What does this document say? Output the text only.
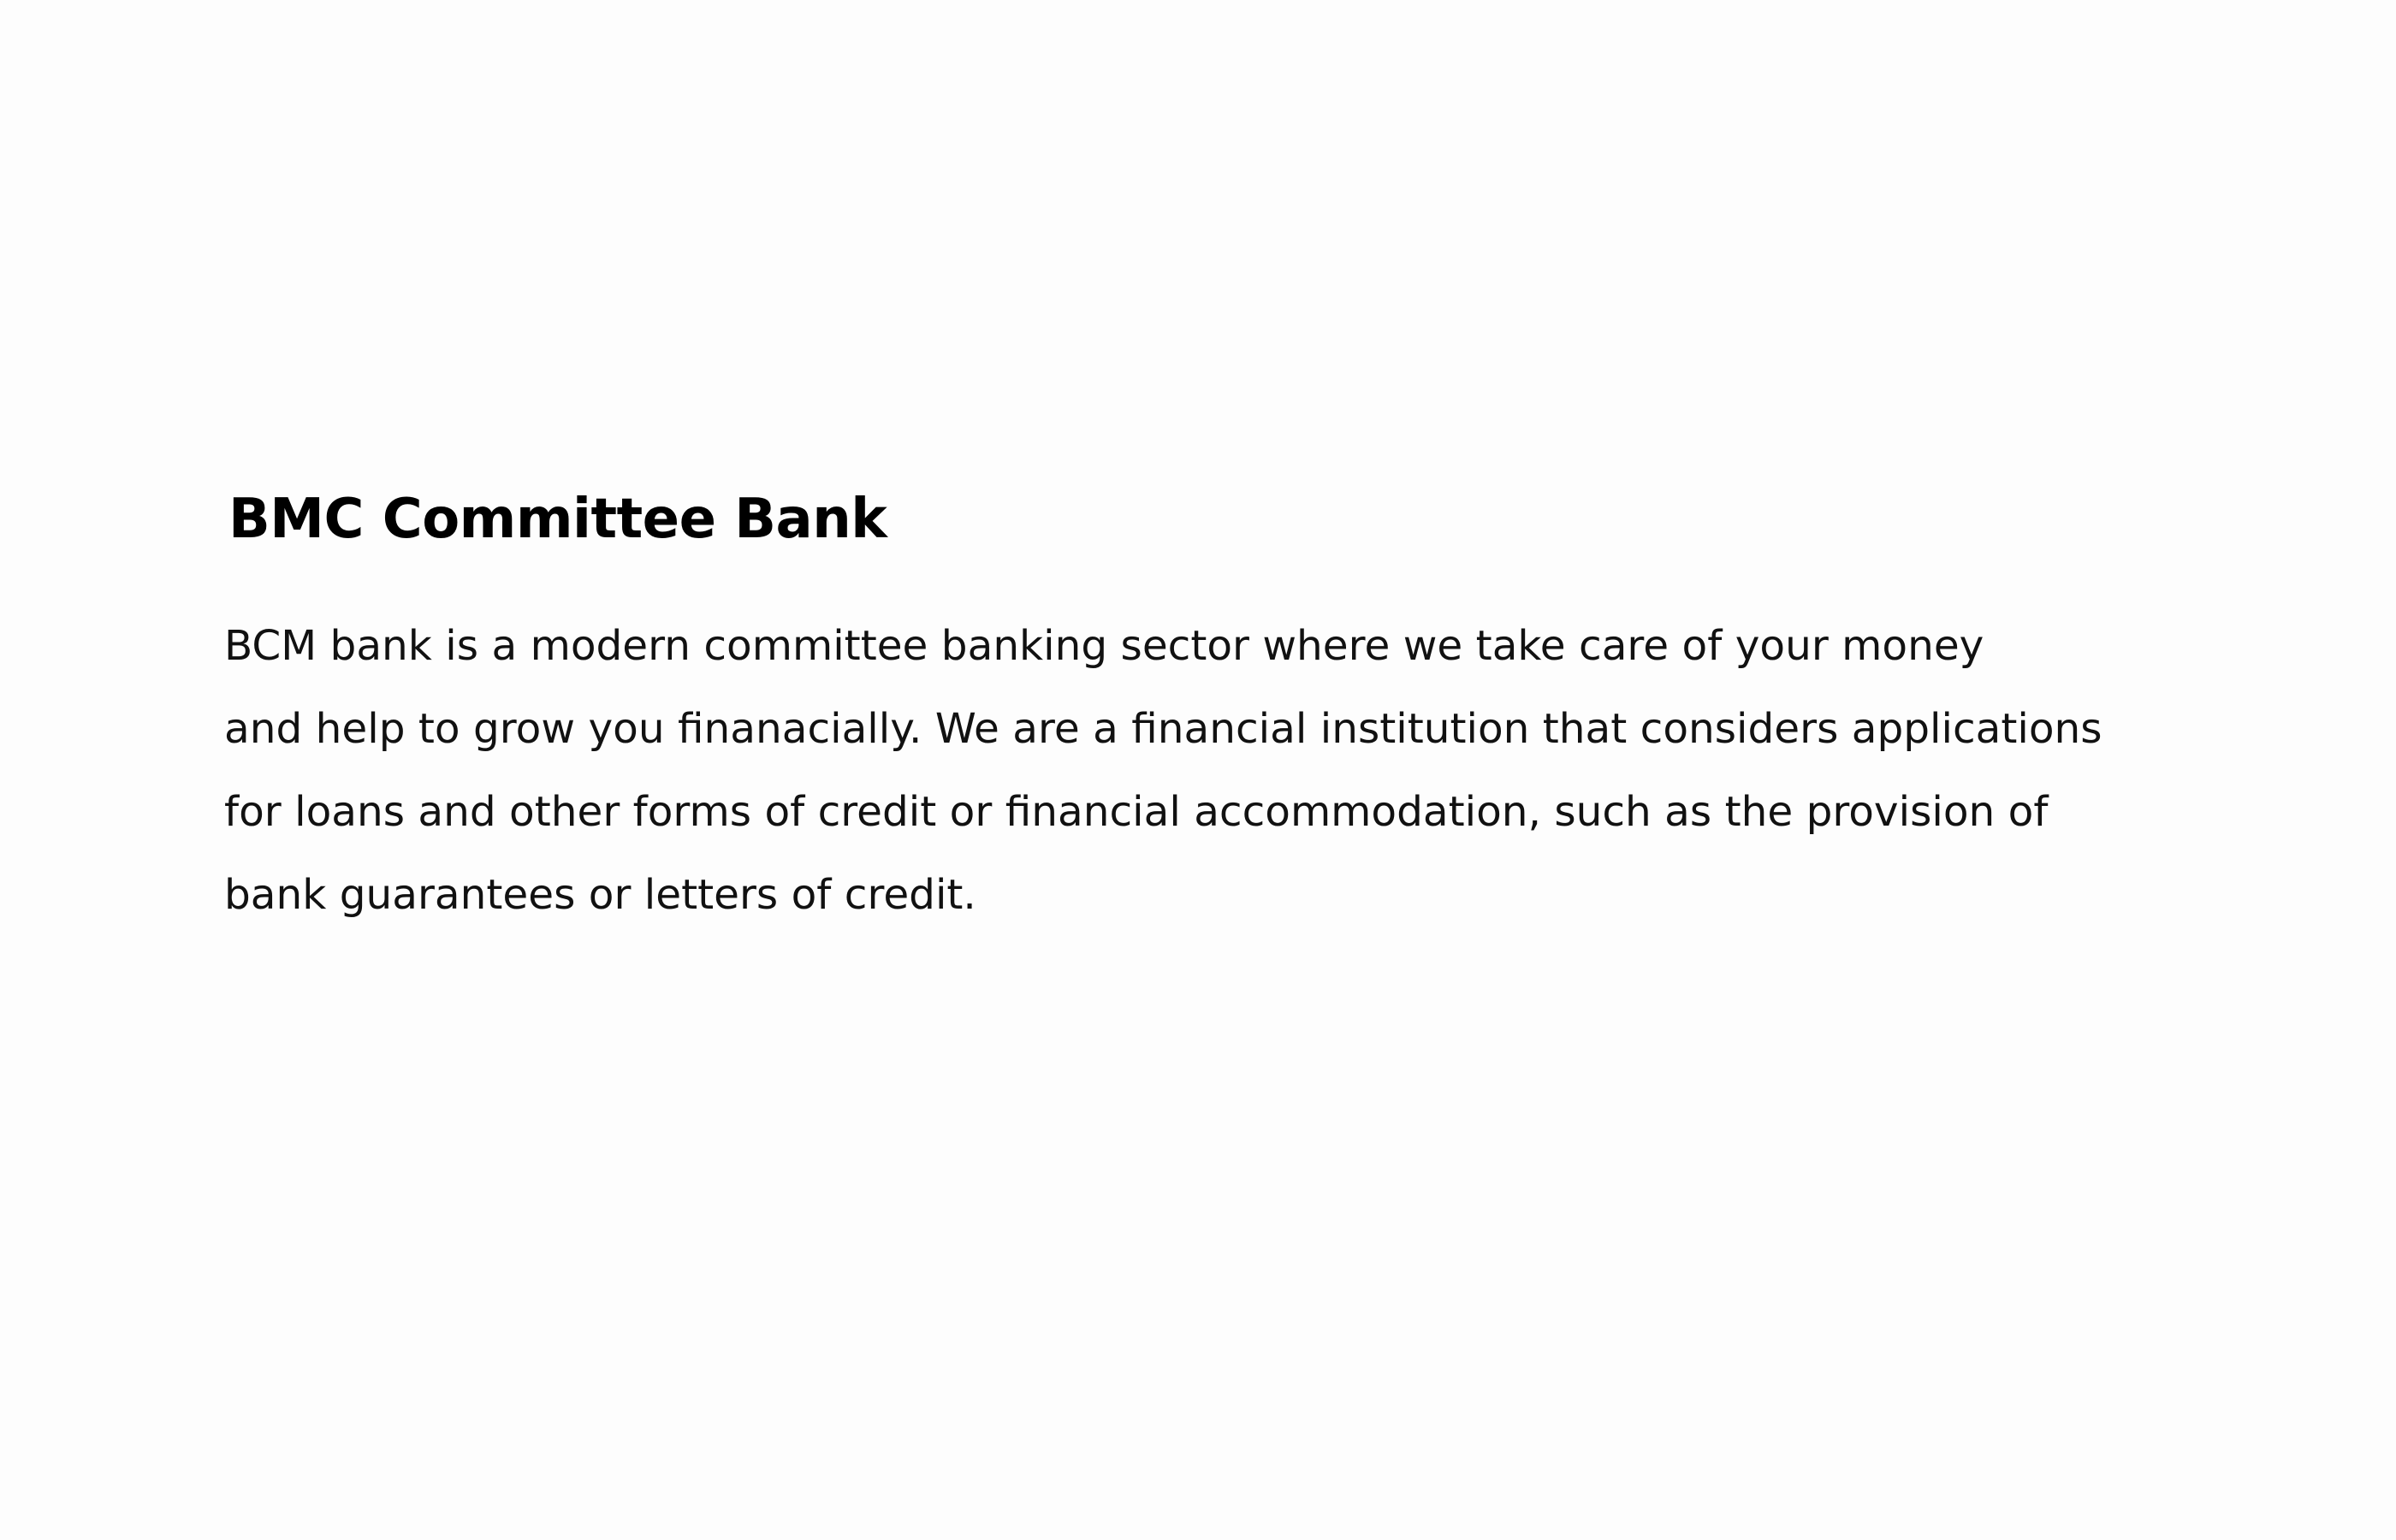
BMC Committee Bank

BCM bank is a modern committee banking sector where we take care of your money
and help to grow you finanacially. We are a financial institution that considers applications
for loans and other forms of credit or financial accommodation, such as the provision of
bank guarantees or letters of credit.
